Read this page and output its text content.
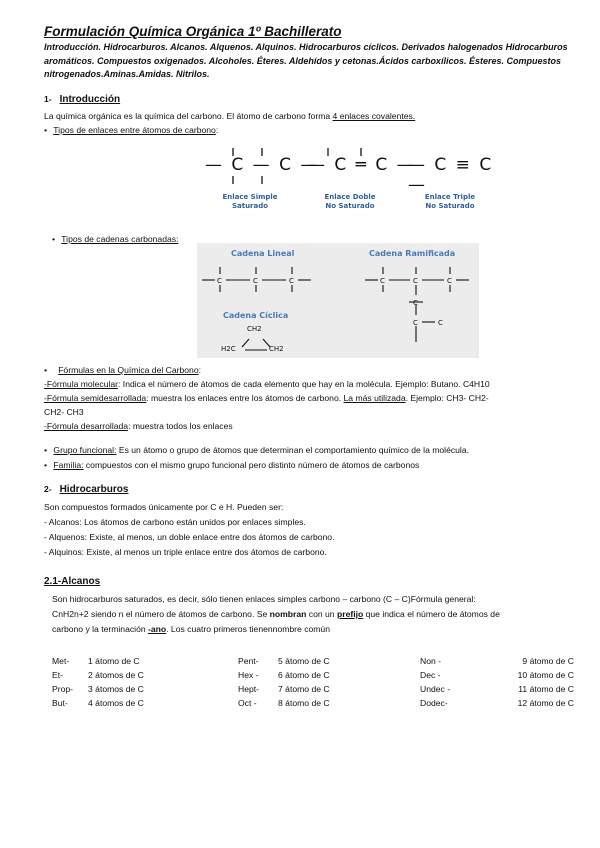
Formulación Química Orgánica 1º Bachillerato
Introducción. Hidrocarburos. Alcanos. Alquenos. Alquinos. Hidrocarburos cíclicos. Derivados halogenados Hidrocarburos aromáticos. Compuestos oxigenados. Alcoholes. Éteres. Aldehídos y cetonas.Ácidos carboxílicos. Ésteres. Compuestos nitrogenados.Aminas.Amidas. Nitrilos.
1- Introducción
La química orgánica es la química del carbono. El átomo de carbono forma 4 enlaces covalentes.
• Tipos de enlaces entre átomos de carbono:
— C — C —
— C ═ C —
— C ≡ C —
Enlace Simple
Saturado
Enlace Doble
No Saturado
Enlace Triple
No Saturado
• Tipos de cadenas carbonadas:
Cadena Lineal	Cadena Ramificada
Cadena Cíclica
C	C	C	C	C	C
C
C	C
CH2
H2C	CH2
• Fórmulas en la Química del Carbono:
-Fórmula molecular: Indica el número de átomos de cada elemento que hay en la molécula. Ejemplo: Butano. C4H10
-Fórmula semidesarrollada: muestra los enlaces entre los átomos de carbono. La más utilizada. Ejemplo: CH3- CH2-
CH2- CH3
-Fórmula desarrollada: muestra todos los enlaces
• Grupo funcional: Es un átomo o grupo de átomos que determinan el comportamiento químico de la molécula.
• Familia: compuestos con el mismo grupo funcional pero distinto número de átomos de carbonos
2- Hidrocarburos
Son compuestos formados únicamente por C e H. Pueden ser:
- Alcanos: Los átomos de carbono están unidos por enlaces simples.
- Alquenos: Existe, al menos, un doble enlace entre dos átomos de carbono.
- Alquinos: Existe, al menos un triple enlace entre dos átomos de carbono.
2.1-Alcanos
Son hidrocarburos saturados, es decir, sólo tienen enlaces simples carbono – carbono (C – C)Fórmula general:
CnH2n+2 siendo n el número de átomos de carbono. Se nombran con un prefijo que indica el número de átomos de
carbono y la terminación -ano. Los cuatro primeros tienennombre común
Met-	1 átomo de C	Pent-	5 átomo de C	Non -	9 átomo de C
Et-	2 átomos de C	Hex -	6 átomo de C	Dec -	10 átomo de C
Prop-	3 átomos de C	Hept-	7 átomo de C	Undec -	11 átomo de C
But-	4 átomos de C	Oct -	8 átomo de C	Dodec-	12 átomo de C
